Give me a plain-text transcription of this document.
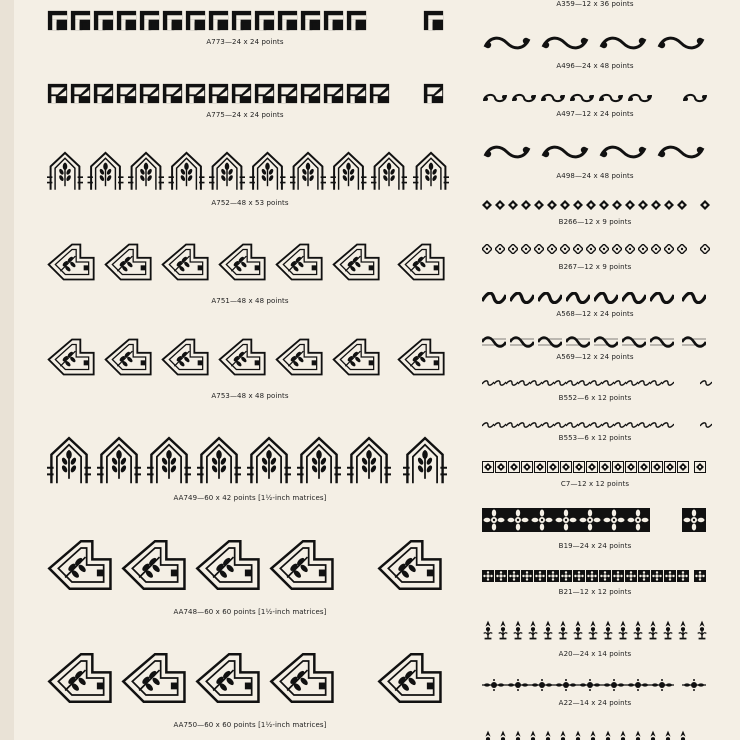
A773—24 x 24 points
A775—24 x 24 points
A752—48 x 53 points
A751—48 x 48 points
A753—48 x 48 points
AA749—60 x 42 points [1½-inch matrices]
AA748—60 x 60 points [1½-inch matrices]
AA750—60 x 60 points [1½-inch matrices]
A359—12 x 36 points
A496—24 x 48 points
A497—12 x 24 points
A498—24 x 48 points
B266—12 x 9 points
B267—12 x 9 points
A568—12 x 24 points
A569—12 x 24 points
B552—6 x 12 points
B553—6 x 12 points
C7—12 x 12 points
B19—24 x 24 points
B21—12 x 12 points
A20—24 x 14 points
A22—14 x 24 points
